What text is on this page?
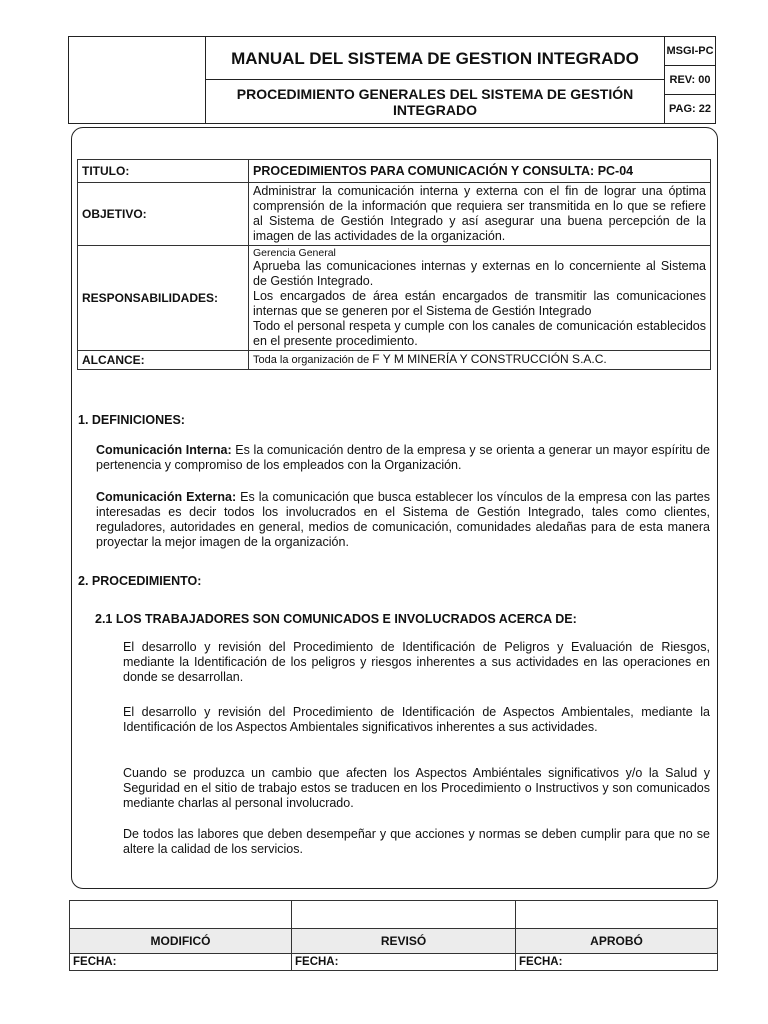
MANUAL DEL SISTEMA DE GESTION INTEGRADO
PROCEDIMIENTO GENERALES DEL SISTEMA DE GESTIÓN INTEGRADO
MSGI-PC
REV: 00
PAG: 22
TITULO:	PROCEDIMIENTOS PARA COMUNICACIÓN Y CONSULTA: PC-04
OBJETIVO:	Administrar la comunicación interna y externa con el fin de lograr una óptima comprensión de la información que requiera ser transmitida en lo que se refiere al Sistema de Gestión Integrado y así asegurar una buena percepción de la imagen de las actividades de la organización.
RESPONSABILIDADES:	Gerencia General
Aprueba las comunicaciones internas y externas en lo concerniente al Sistema de Gestión Integrado.
Los encargados de área están encargados de transmitir las comunicaciones internas que se generen por el Sistema de Gestión Integrado
Todo el personal respeta y cumple con los canales de comunicación establecidos en el presente procedimiento.

ALCANCE:	Toda la organización de F Y M MINERÍA Y CONSTRUCCIÓN S.A.C.
1. DEFINICIONES:
Comunicación Interna: Es la comunicación dentro de la empresa y se orienta a generar un mayor espíritu de pertenencia y compromiso de los empleados con la Organización.
Comunicación Externa: Es la comunicación que busca establecer los vínculos de la empresa con las partes interesadas es decir todos los involucrados en el Sistema de Gestión Integrado, tales como clientes, reguladores, autoridades en general, medios de comunicación, comunidades aledañas para de esta manera proyectar la mejor imagen de la organización.
2. PROCEDIMIENTO:
2.1 LOS TRABAJADORES SON COMUNICADOS E INVOLUCRADOS ACERCA DE:
El desarrollo y revisión del Procedimiento de Identificación de Peligros y Evaluación de Riesgos, mediante la Identificación de los peligros y riesgos inherentes a sus actividades en las operaciones en donde se desarrollan.
El desarrollo y revisión del Procedimiento de Identificación de Aspectos Ambientales, mediante la Identificación de los Aspectos Ambientales significativos inherentes a sus actividades.
Cuando se produzca un cambio que afecten los Aspectos Ambiéntales significativos y/o la Salud y Seguridad en el sitio de trabajo estos se traducen en los Procedimiento o Instructivos y son comunicados mediante charlas al personal involucrado.
De todos las labores que deben desempeñar y que acciones y normas se deben cumplir para que no se altere la calidad de los servicios.

MODIFICÓ	REVISÓ	APROBÓ
FECHA:	FECHA:	FECHA:
